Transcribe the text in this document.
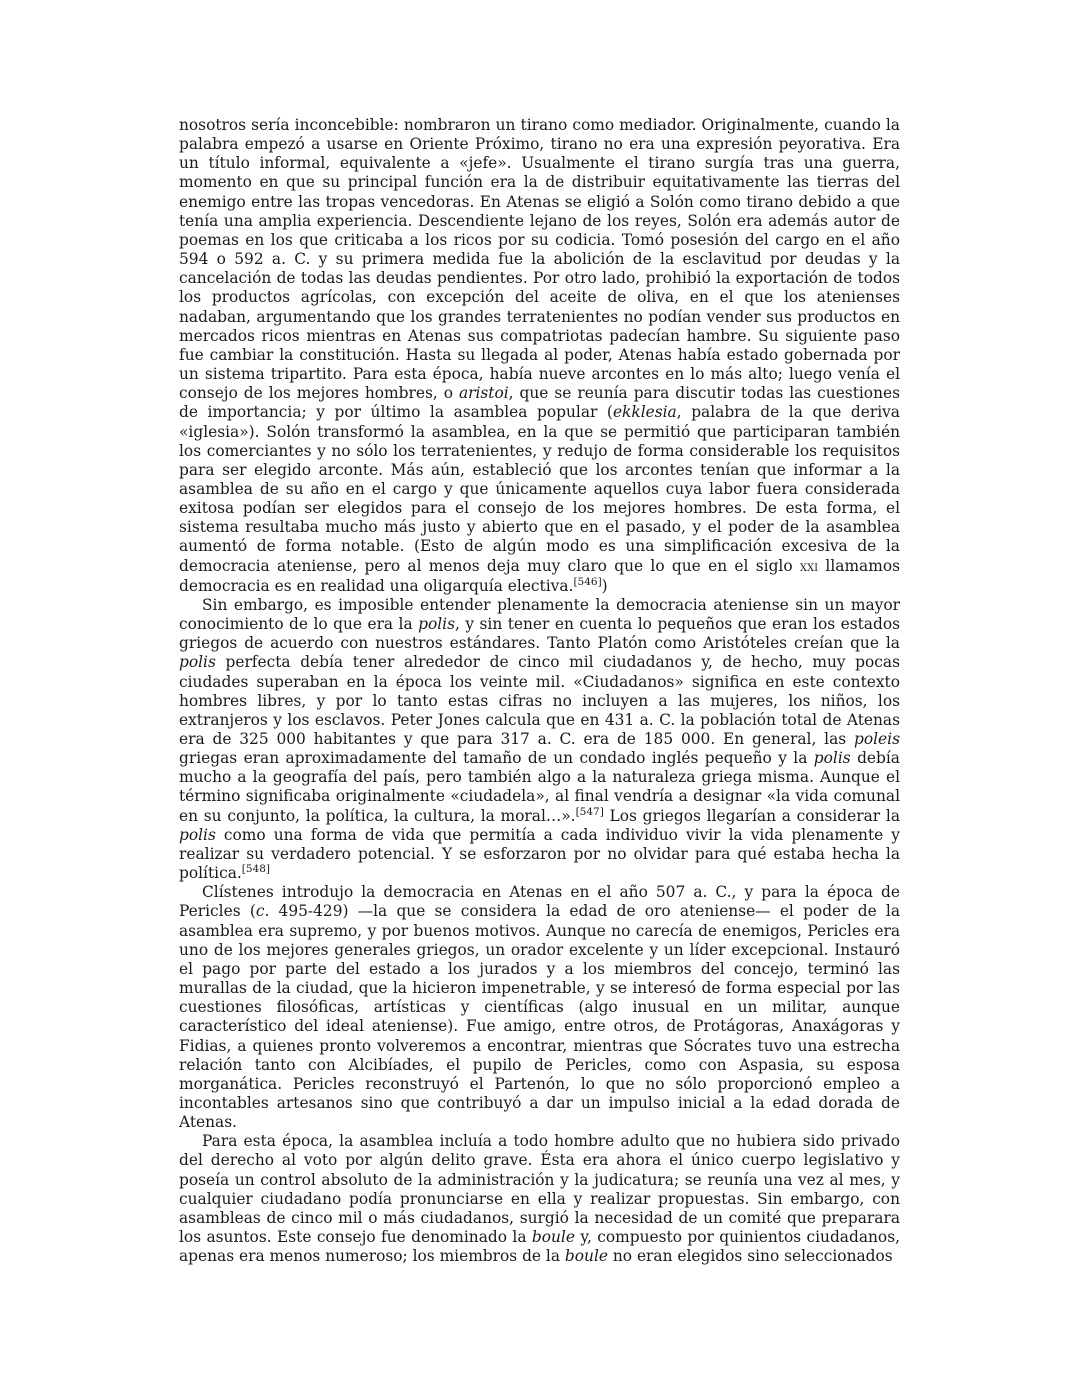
nosotros sería inconcebible: nombraron un tirano como mediador. Originalmente, cuando la palabra empezó a usarse en Oriente Próximo, tirano no era una expresión peyorativa. Era un título informal, equivalente a «jefe». Usualmente el tirano surgía tras una guerra, momento en que su principal función era la de distribuir equitativamente las tierras del enemigo entre las tropas vencedoras. En Atenas se eligió a Solón como tirano debido a que tenía una amplia experiencia. Descendiente lejano de los reyes, Solón era además autor de poemas en los que criticaba a los ricos por su codicia. Tomó posesión del cargo en el año 594 o 592 a. C. y su primera medida fue la abolición de la esclavitud por deudas y la cancelación de todas las deudas pendientes. Por otro lado, prohibió la exportación de todos los productos agrícolas, con excepción del aceite de oliva, en el que los atenienses nadaban, argumentando que los grandes terratenientes no podían vender sus productos en mercados ricos mientras en Atenas sus compatriotas padecían hambre. Su siguiente paso fue cambiar la constitución. Hasta su llegada al poder, Atenas había estado gobernada por un sistema tripartito. Para esta época, había nueve arcontes en lo más alto; luego venía el consejo de los mejores hombres, o aristoi, que se reunía para discutir todas las cuestiones de importancia; y por último la asamblea popular (ekklesia, palabra de la que deriva «iglesia»). Solón transformó la asamblea, en la que se permitió que participaran también los comerciantes y no sólo los terratenientes, y redujo de forma considerable los requisitos para ser elegido arconte. Más aún, estableció que los arcontes tenían que informar a la asamblea de su año en el cargo y que únicamente aquellos cuya labor fuera considerada exitosa podían ser elegidos para el consejo de los mejores hombres. De esta forma, el sistema resultaba mucho más justo y abierto que en el pasado, y el poder de la asamblea aumentó de forma notable. (Esto de algún modo es una simplificación excesiva de la democracia ateniense, pero al menos deja muy claro que lo que en el siglo xxi llamamos democracia es en realidad una oligarquía electiva.[546])

Sin embargo, es imposible entender plenamente la democracia ateniense sin un mayor conocimiento de lo que era la polis, y sin tener en cuenta lo pequeños que eran los estados griegos de acuerdo con nuestros estándares. Tanto Platón como Aristóteles creían que la polis perfecta debía tener alrededor de cinco mil ciudadanos y, de hecho, muy pocas ciudades superaban en la época los veinte mil. «Ciudadanos» significa en este contexto hombres libres, y por lo tanto estas cifras no incluyen a las mujeres, los niños, los extranjeros y los esclavos. Peter Jones calcula que en 431 a. C. la población total de Atenas era de 325 000 habitantes y que para 317 a. C. era de 185 000. En general, las poleis griegas eran aproximadamente del tamaño de un condado inglés pequeño y la polis debía mucho a la geografía del país, pero también algo a la naturaleza griega misma. Aunque el término significaba originalmente «ciudadela», al final vendría a designar «la vida comunal en su conjunto, la política, la cultura, la moral…».[547] Los griegos llegarían a considerar la polis como una forma de vida que permitía a cada individuo vivir la vida plenamente y realizar su verdadero potencial. Y se esforzaron por no olvidar para qué estaba hecha la política.[548]

Clístenes introdujo la democracia en Atenas en el año 507 a. C., y para la época de Pericles (c. 495-429) —la que se considera la edad de oro ateniense— el poder de la asamblea era supremo, y por buenos motivos. Aunque no carecía de enemigos, Pericles era uno de los mejores generales griegos, un orador excelente y un líder excepcional. Instauró el pago por parte del estado a los jurados y a los miembros del concejo, terminó las murallas de la ciudad, que la hicieron impenetrable, y se interesó de forma especial por las cuestiones filosóficas, artísticas y científicas (algo inusual en un militar, aunque característico del ideal ateniense). Fue amigo, entre otros, de Protágoras, Anaxágoras y Fidias, a quienes pronto volveremos a encontrar, mientras que Sócrates tuvo una estrecha relación tanto con Alcibíades, el pupilo de Pericles, como con Aspasia, su esposa morganática. Pericles reconstruyó el Partenón, lo que no sólo proporcionó empleo a incontables artesanos sino que contribuyó a dar un impulso inicial a la edad dorada de Atenas.

Para esta época, la asamblea incluía a todo hombre adulto que no hubiera sido privado del derecho al voto por algún delito grave. Ésta era ahora el único cuerpo legislativo y poseía un control absoluto de la administración y la judicatura; se reunía una vez al mes, y cualquier ciudadano podía pronunciarse en ella y realizar propuestas. Sin embargo, con asambleas de cinco mil o más ciudadanos, surgió la necesidad de un comité que preparara los asuntos. Este consejo fue denominado la boule y, compuesto por quinientos ciudadanos, apenas era menos numeroso; los miembros de la boule no eran elegidos sino seleccionados
